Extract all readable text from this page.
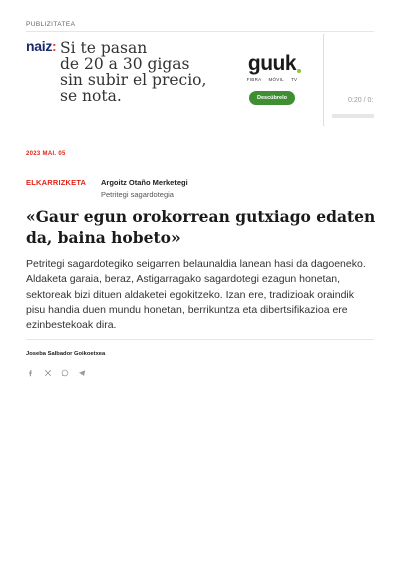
PUBLIZITATEA
naiz: Si te pasan
de 20 a 30 gigas
sin subir el precio,
se nota.
guuk
FIBRA MÓVIL TV
Descúbrelo	0:20 / 0:
2023 MAI. 05
ELKARRIZKETA Argoitz Otaño Merketegi
Petritegi sagardotegia
«Gaur egun orokorrean gutxiago edaten da, baina hobeto»

Petritegi sagardotegiko seigarren belaunaldia lanean hasi da dagoeneko. Aldaketa garaia, beraz, Astigarragako sagardotegi ezagun honetan, sektoreak bizi dituen aldaketei egokitzeko. Izan ere, tradizioak oraindik pisu handia duen mundu honetan, berrikuntza eta dibertsifikazioa ere ezinbestekoak dira.

Joseba Salbador Goikoetxea
